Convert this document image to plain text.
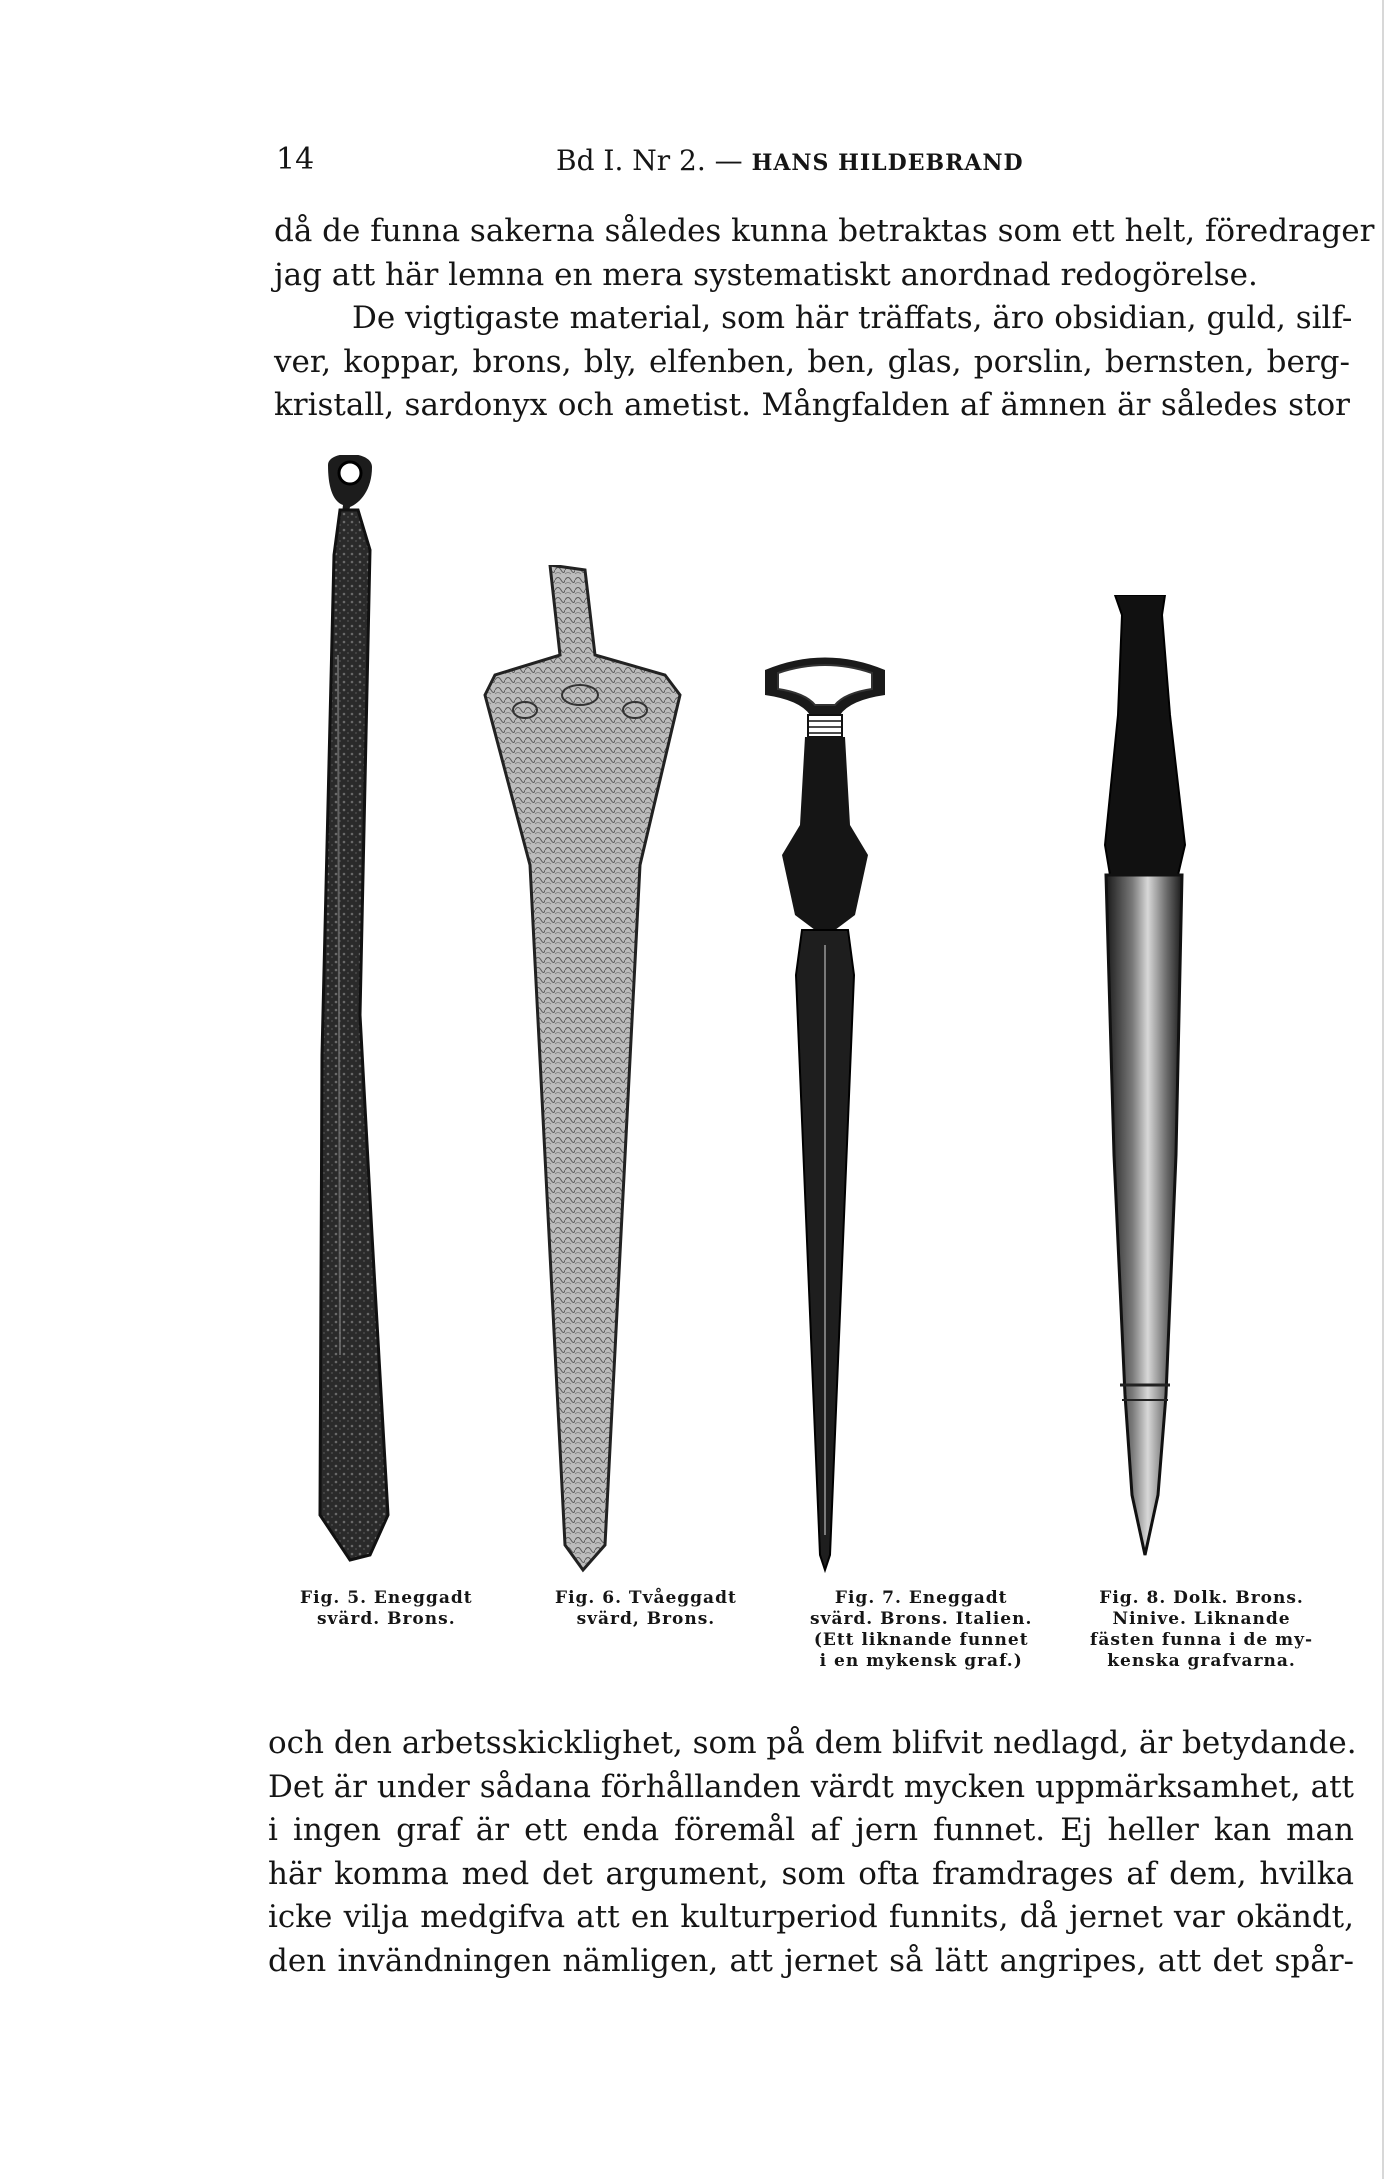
14	Bd I. Nr 2. — HANS HILDEBRAND
då de funna sakerna således kunna betraktas som ett helt, föredrager
jag att här lemna en mera systematiskt anordnad redogörelse.
De vigtigaste material, som här träffats, äro obsidian, guld, silf-
ver, koppar, brons, bly, elfenben, ben, glas, porslin, bernsten, berg-
kristall, sardonyx och ametist. Mångfalden af ämnen är således stor
Fig. 5. Eneggadt
svärd. Brons.
Fig. 6. Tvåeggadt
svärd, Brons.
Fig. 7. Eneggadt
svärd. Brons. Italien.
(Ett liknande funnet
i en mykensk graf.)
Fig. 8. Dolk. Brons.
Ninive. Liknande
fästen funna i de my-
kenska grafvarna.
och den arbetsskicklighet, som på dem blifvit nedlagd, är betydande.
Det är under sådana förhållanden värdt mycken uppmärksamhet, att
i ingen graf är ett enda föremål af jern funnet. Ej heller kan man
här komma med det argument, som ofta framdrages af dem, hvilka
icke vilja medgifva att en kulturperiod funnits, då jernet var okändt,
den invändningen nämligen, att jernet så lätt angripes, att det spår-
